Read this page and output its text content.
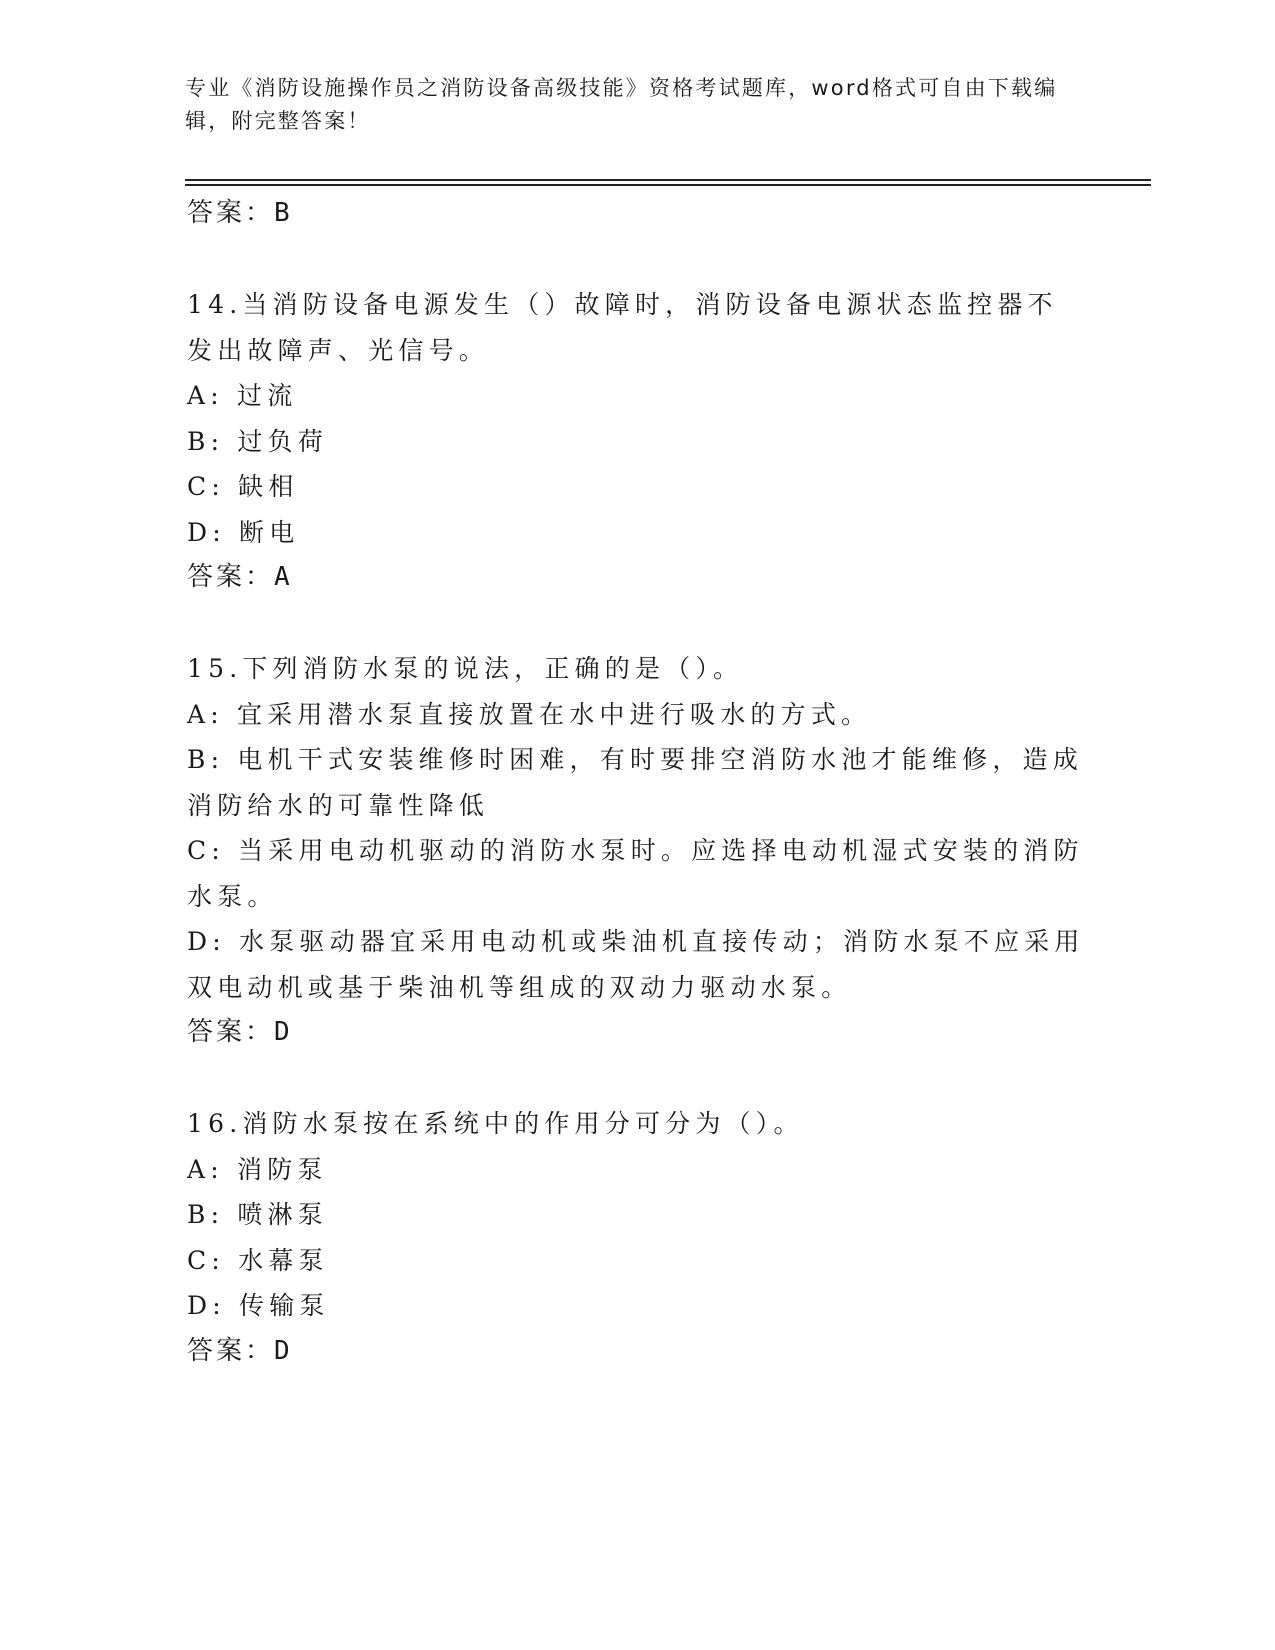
专业《消防设施操作员之消防设备高级技能》资格考试题库，word格式可自由下载编辑，附完整答案！
答案：B
14.当消防设备电源发生（）故障时，消防设备电源状态监控器不发出故障声、光信号。
A: 过流
B: 过负荷
C: 缺相
D: 断电
答案：A
15.下列消防水泵的说法，正确的是（）。
A: 宜采用潜水泵直接放置在水中进行吸水的方式。
B: 电机干式安装维修时困难，有时要排空消防水池才能维修，造成消防给水的可靠性降低
C: 当采用电动机驱动的消防水泵时。应选择电动机湿式安装的消防水泵。
D: 水泵驱动器宜采用电动机或柴油机直接传动；消防水泵不应采用双电动机或基于柴油机等组成的双动力驱动水泵。
答案：D
16.消防水泵按在系统中的作用分可分为（）。
A: 消防泵
B: 喷淋泵
C: 水幕泵
D: 传输泵
答案：D
